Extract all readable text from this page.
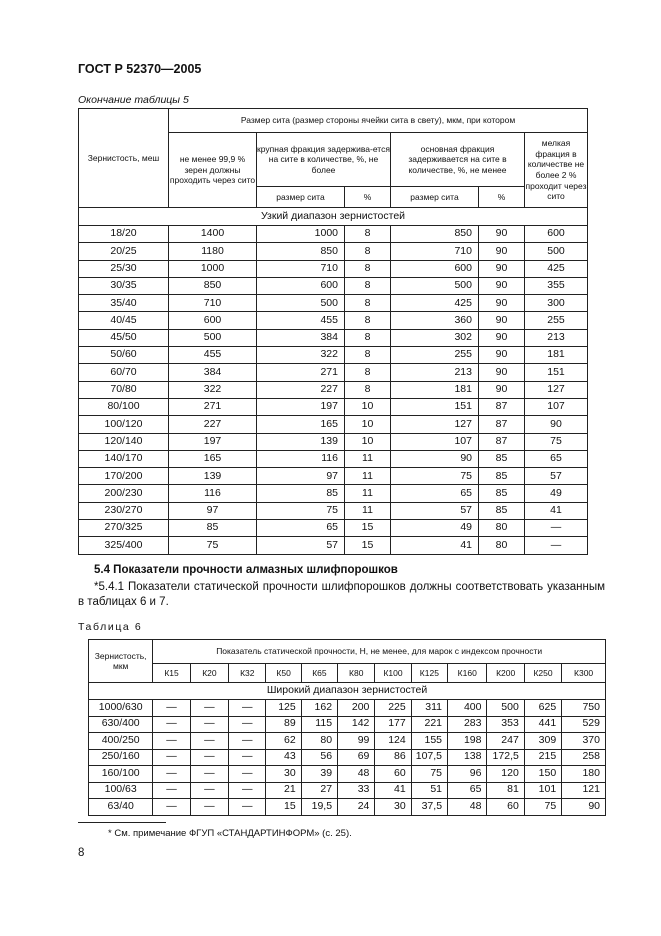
ГОСТ Р 52370—2005
Окончание таблицы 5
Зернистость, меш	Размер сита (размер стороны ячейки сита в свету), мкм, при котором					
	не менее 99,9 % зерен должны проходить через сито	крупная фракция задержива-ется на сите в количестве, %, не более		основная фракция задерживается на сите в количестве, %, не менее		мелкая фракция в количестве не более 2 % проходит через сито
		размер сита	%	размер сита	%	
Узкий диапазон зернистостей						
18/20	1400	1000	8	850	90	600
20/25	1180	850	8	710	90	500
25/30	1000	710	8	600	90	425
30/35	850	600	8	500	90	355
35/40	710	500	8	425	90	300
40/45	600	455	8	360	90	255
45/50	500	384	8	302	90	213
50/60	455	322	8	255	90	181
60/70	384	271	8	213	90	151
70/80	322	227	8	181	90	127
80/100	271	197	10	151	87	107
100/120	227	165	10	127	87	90
120/140	197	139	10	107	87	75
140/170	165	116	11	90	85	65
170/200	139	97	11	75	85	57
200/230	116	85	11	65	85	49
230/270	97	75	11	57	85	41
270/325	85	65	15	49	80	—
325/400	75	57	15	41	80	—
5.4 Показатели прочности алмазных шлифпорошков
*5.4.1 Показатели статической прочности шлифпорошков должны соответствовать указанным в таблицах 6 и 7.
Таблица 6
Зернистость, мкм	Показатель статической прочности, Н, не менее, для марок с индексом прочности											
	К15	К20	К32	К50	К65	К80	К100	К125	К160	К200	К250	К300
Широкий диапазон зернистостей												
1000/630	—	—	—	125	162	200	225	311	400	500	625	750
630/400	—	—	—	89	115	142	177	221	283	353	441	529
400/250	—	—	—	62	80	99	124	155	198	247	309	370
250/160	—	—	—	43	56	69	86	107,5	138	172,5	215	258
160/100	—	—	—	30	39	48	60	75	96	120	150	180
100/63	—	—	—	21	27	33	41	51	65	81	101	121
63/40	—	—	—	15	19,5	24	30	37,5	48	60	75	90
* См. примечание ФГУП «СТАНДАРТИНФОРМ» (с. 25).
8
